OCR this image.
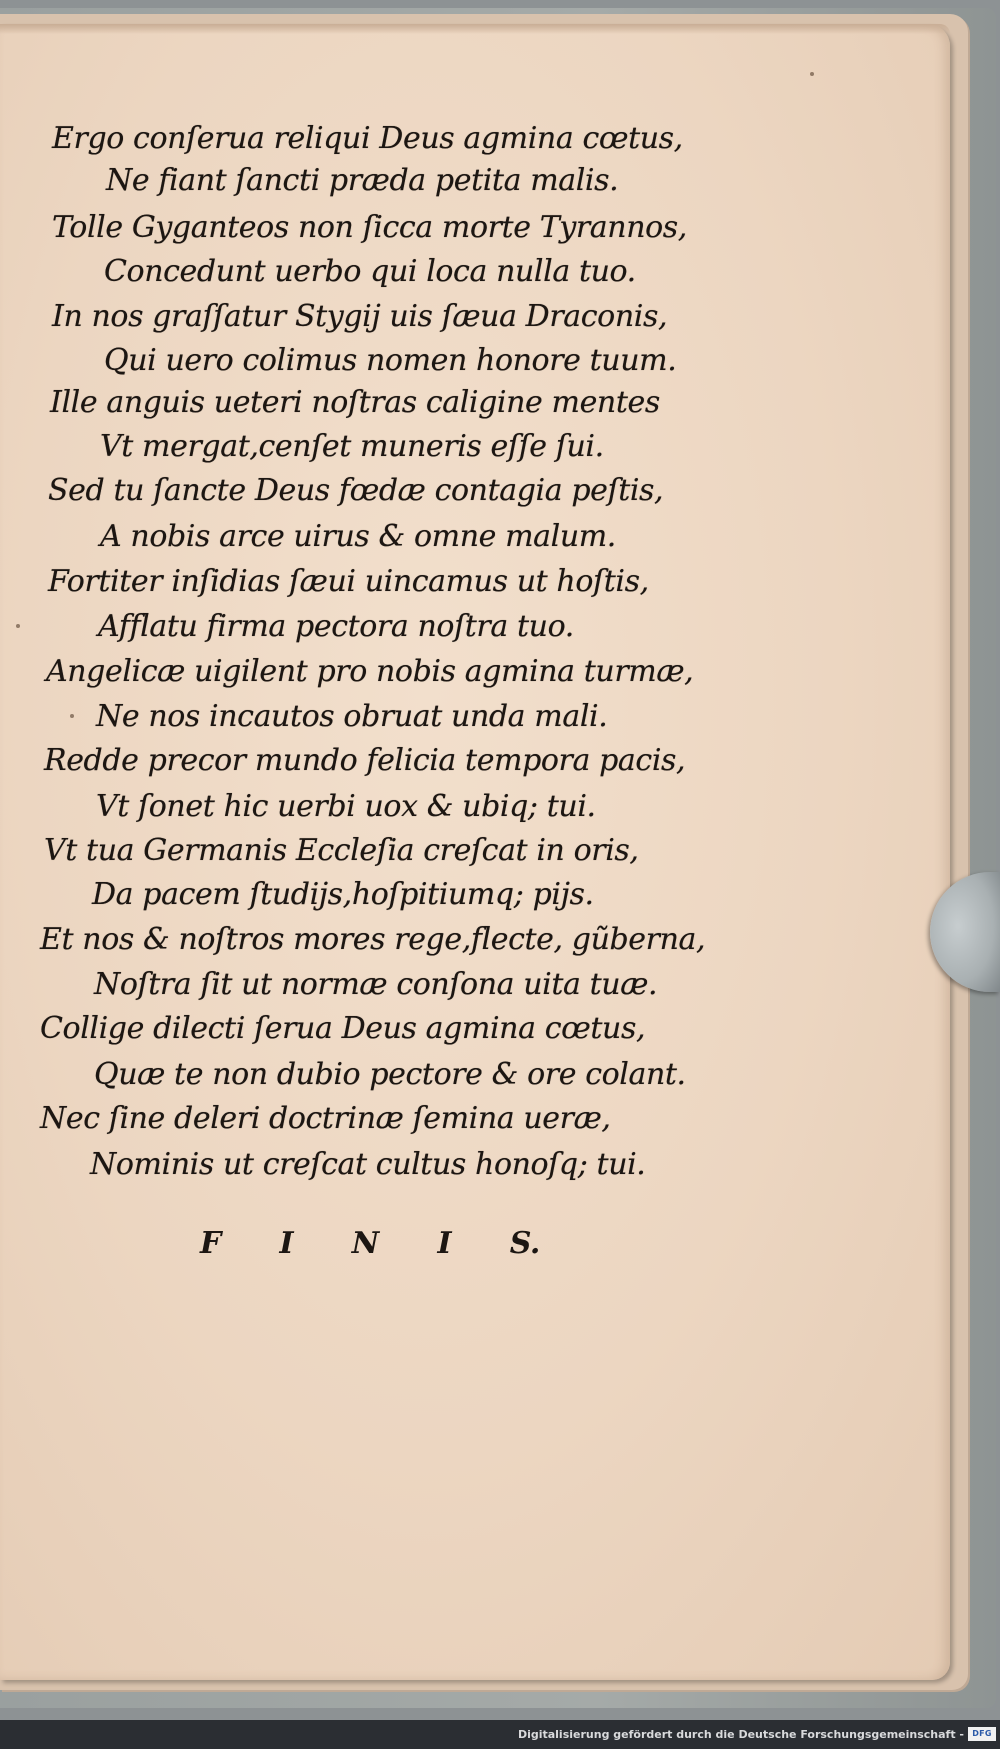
Ergo conſerua reliqui Deus agmina cœtus,
Ne fiant ſancti præda petita malis.
Tolle Gyganteos non ſicca morte Tyrannos,
Concedunt uerbo qui loca nulla tuo.
In nos graſſatur Stygij uis ſæua Draconis,
Qui uero colimus nomen honore tuum.
Ille anguis ueteri noſtras caligine mentes
Vt mergat,cenſet muneris eſſe ſui.
Sed tu ſancte Deus fœdæ contagia peſtis,
A nobis arce uirus & omne malum.
Fortiter inſidias ſæui uincamus ut hoſtis,
Afflatu firma pectora noſtra tuo.
Angelicæ uigilent pro nobis agmina turmæ,
Ne nos incautos obruat unda mali.
Redde precor mundo felicia tempora pacis,
Vt ſonet hic uerbi uox & ubiq; tui.
Vt tua Germanis Eccleſia creſcat in oris,
Da pacem ſtudijs,hoſpitiumq; pijs.
Et nos & noſtros mores rege,flecte, gũberna,
Noſtra ſit ut normæ conſona uita tuæ.
Collige dilecti ſerua Deus agmina cœtus,
Quæ te non dubio pectore & ore colant.
Nec ſine deleri doctrinæ ſemina ueræ,
Nominis ut creſcat cultus honoſq; tui.
F I N I S.
Digitalisierung gefördert durch die Deutsche Forschungsgemeinschaft -	DFG
